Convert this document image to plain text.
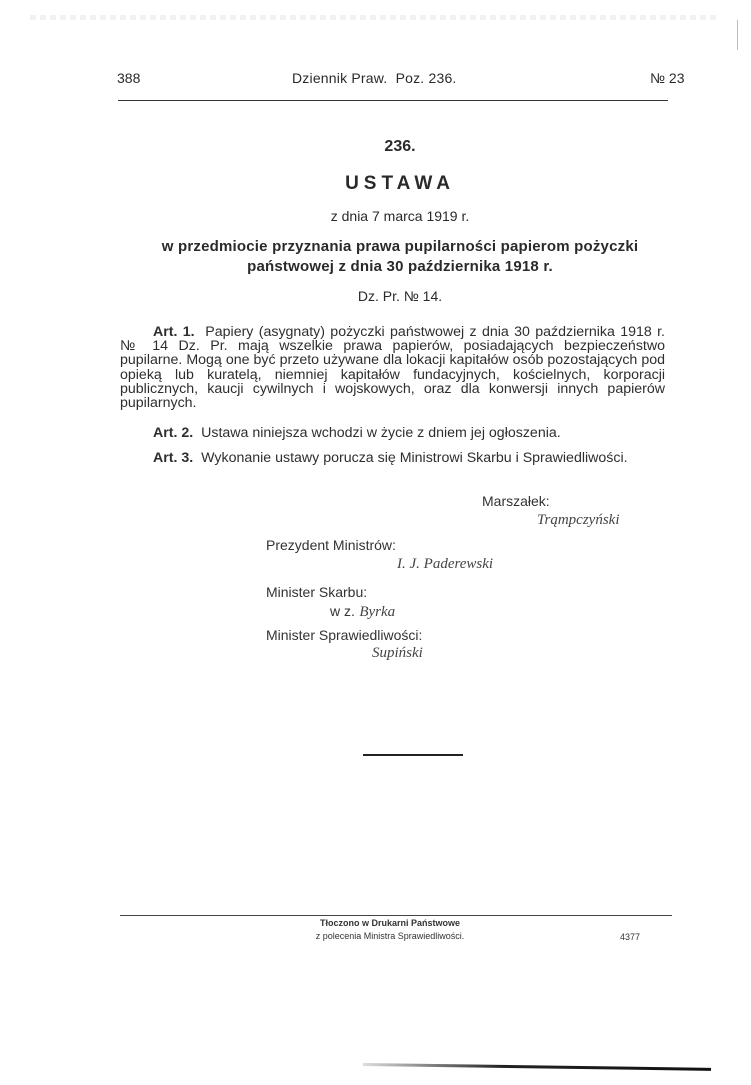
388	Dziennik Praw.  Poz. 236.	№ 23
236.
USTAWA
z dnia 7 marca 1919 r.
w przedmiocie przyznania prawa pupilarności papierom pożyczki
państwowej z dnia 30 października 1918 r.
Dz. Pr. № 14.
Art. 1. Papiery (asygnaty) pożyczki państwowej z dnia 30 października 1918 r. № 14 Dz. Pr. mają wszelkie prawa papierów, posiadających bezpieczeństwo pupilarne. Mogą one być przeto używane dla lokacji kapitałów osób pozostających pod opieką lub kuratelą, niemniej kapitałów fundacyjnych, kościelnych, korporacji publicznych, kaucji cywilnych i wojskowych, oraz dla konwersji innych papierów pupilarnych.
Art. 2. Ustawa niniejsza wchodzi w życie z dniem jej ogłoszenia.
Art. 3. Wykonanie ustawy porucza się Ministrowi Skarbu i Sprawiedliwości.
Marszałek:
Trąmpczyński
Prezydent Ministrów:
I. J. Paderewski
Minister Skarbu:
w z. Byrka
Minister Sprawiedliwości:
Supiński
Tłoczono w Drukarni Państwowe
z polecenia Ministra Sprawiedliwości.	4377
